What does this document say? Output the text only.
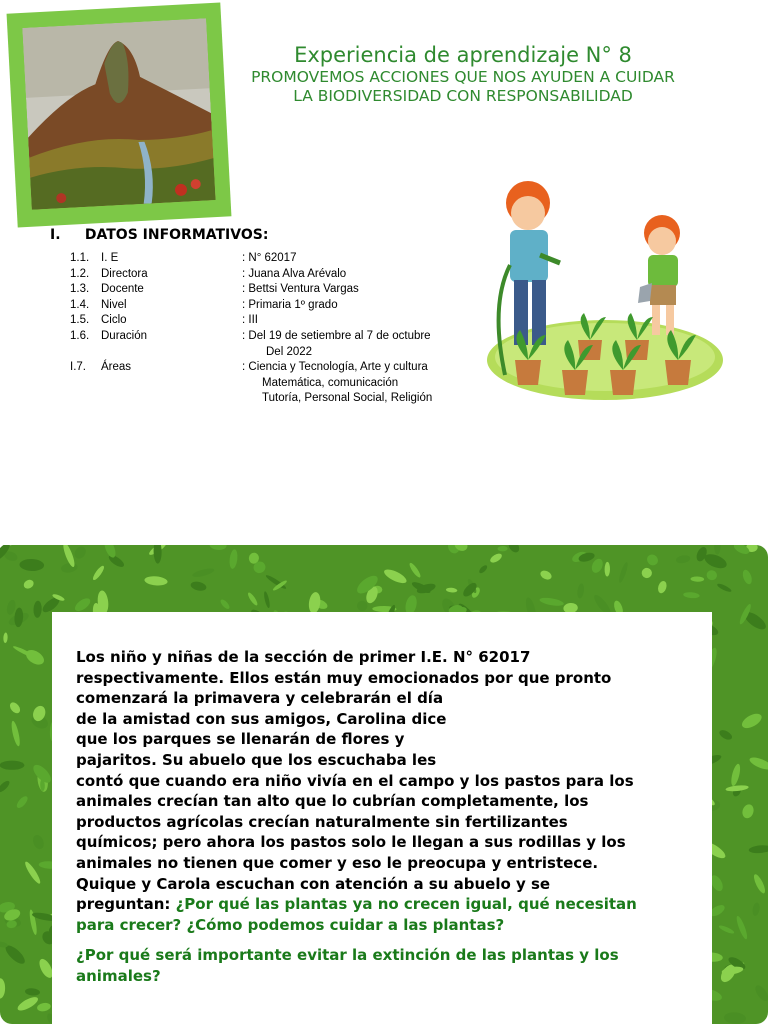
Experiencia de aprendizaje N° 8
PROMOVEMOS ACCIONES QUE NOS AYUDEN A CUIDAR
LA BIODIVERSIDAD CON RESPONSABILIDAD
I. DATOS INFORMATIVOS:
1.1. I. E	: N° 62017
1.2. Directora	: Juana Alva Arévalo
1.3. Docente	: Bettsi Ventura Vargas
1.4. Nivel	: Primaria 1º grado
1.5. Ciclo	: III
1.6. Duración	: Del 19 de setiembre al 7 de octubre
Del 2022
I.7. Áreas	: Ciencia y Tecnología, Arte y cultura
Matemática, comunicación
Tutoría, Personal Social, Religión
Los niño y niñas de la sección de primer I.E. N° 62017
respectivamente. Ellos están muy emocionados por que pronto
comenzará la primavera y celebrarán el día
de la amistad con sus amigos, Carolina dice
que los parques se llenarán de flores y
pajaritos. Su abuelo que los escuchaba les
contó que cuando era niño vivía en el campo y los pastos para los
animales crecían tan alto que lo cubrían completamente, los
productos agrícolas crecían naturalmente sin fertilizantes
químicos; pero ahora los pastos solo le llegan a sus rodillas y los
animales no tienen que comer y eso le preocupa y entristece.
Quique y Carola escuchan con atención a su abuelo y se
preguntan: ¿Por qué las plantas ya no crecen igual, qué necesitan
para crecer? ¿Cómo podemos cuidar a las plantas?
¿Por qué será importante evitar la extinción de las plantas y los animales?
